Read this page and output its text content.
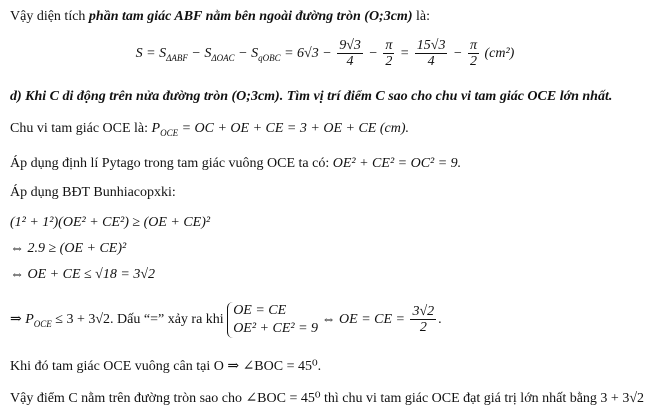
Vậy diện tích phần tam giác ABF nằm bên ngoài đường tròn (O;3cm) là:
$S = S_{\Delta ABF} - S_{\Delta OAC} - S_{qOBC} = 6√3 - \frac{9√3}{4} - \frac{\pi}{2} = \frac{15√3}{4} - \frac{\pi}{2} (cm^2)$
d) Khi C di động trên nửa đường tròn (O;3cm). Tìm vị trí điểm C sao cho chu vi tam giác OCE lớn nhất.
Chu vi tam giác OCE là: $P_{OCE}$ = OC + OE + CE = 3 + OE + CE (cm).
Áp dụng định lí Pytago trong tam giác vuông OCE ta có: OE² + CE² = OC² = 9.
Áp dụng BĐT Bunhiacopxki:
(1² + 1²)(OE² + CE²) ≥ (OE + CE)²
⇔ 2.9 ≥ (OE + CE)²
⇔ OE + CE ≤ √18 = 3√2
⇒ $P_{OCE} \le 3 + 3√2$. Dấu “=” xảy ra khi
OE = CE
OE² + CE² = 9
⇔ OE = CE = $\frac{3√2}{2}$ .
Khi đó tam giác OCE vuông cân tại O ⇒ ∠BOC = 45⁰.
Vậy điểm C nằm trên đường tròn sao cho ∠BOC = 45⁰ thì chu vi tam giác OCE đạt giá trị lớn nhất bằng 3 + 3√2
